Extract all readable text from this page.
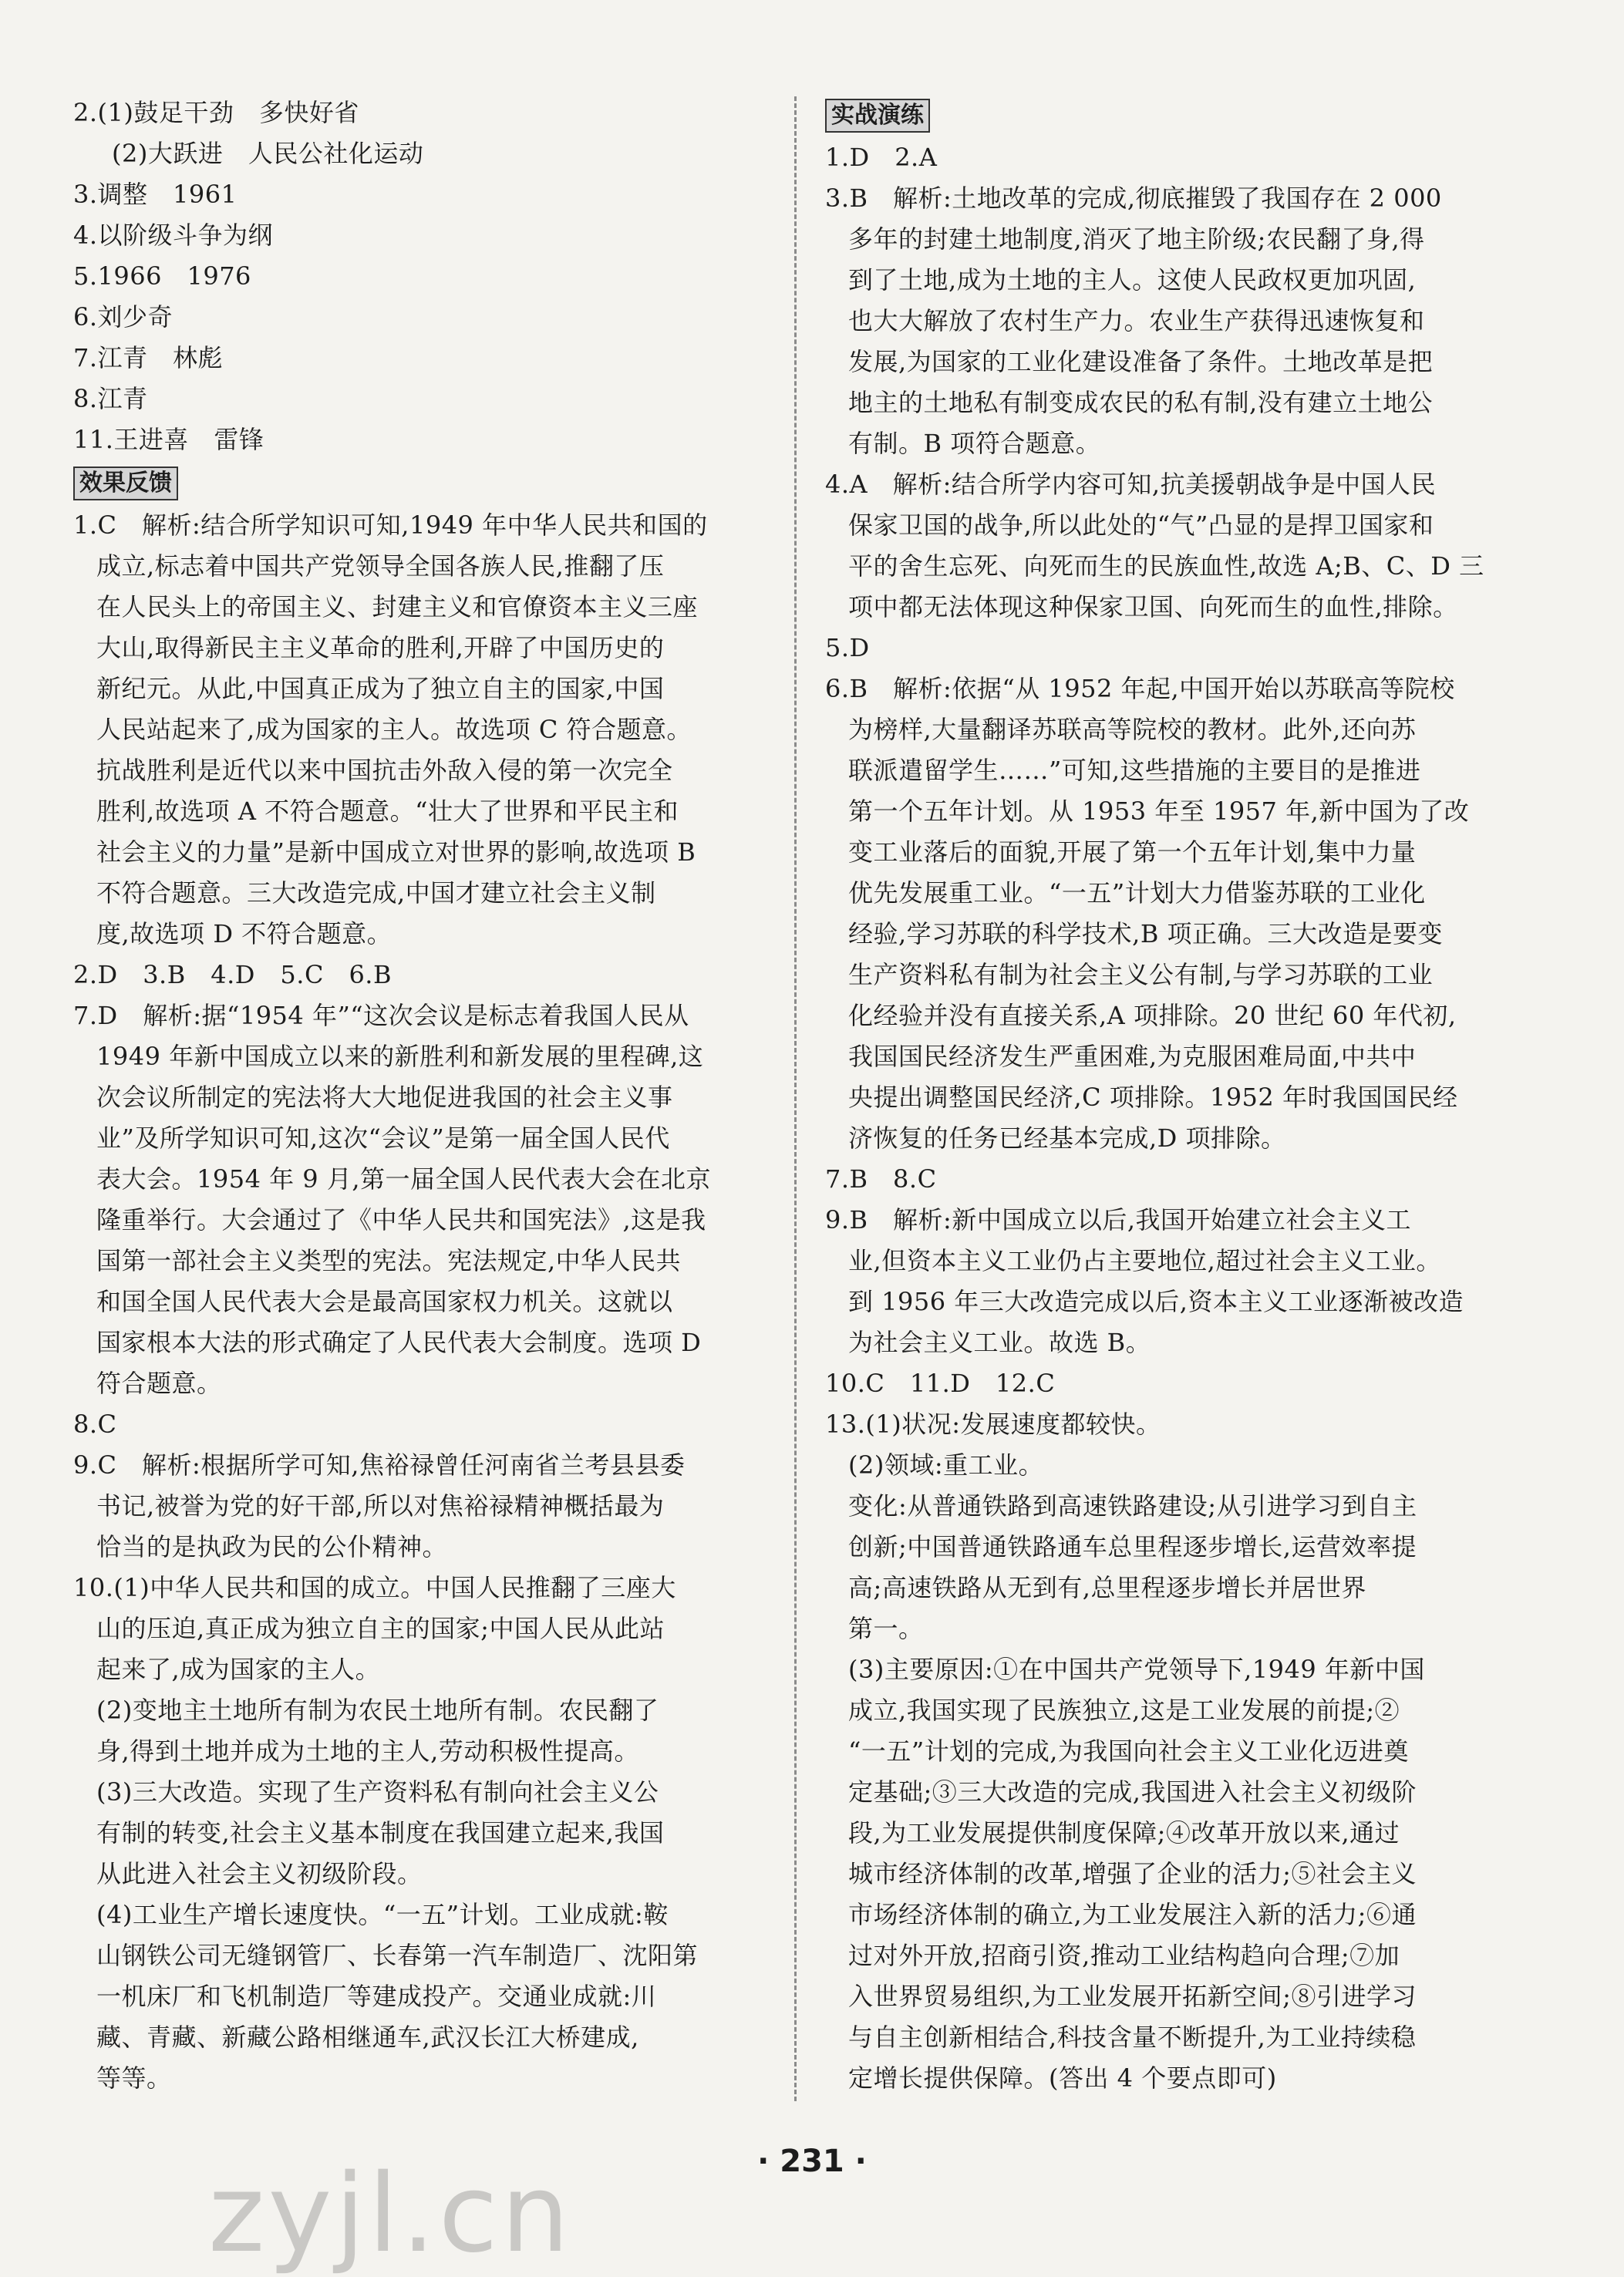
2.(1)鼓足干劲　多快好省
(2)大跃进　人民公社化运动
3.调整　1961
4.以阶级斗争为纲
5.1966　1976
6.刘少奇
7.江青　林彪
8.江青
11.王进喜　雷锋
效果反馈
1.C　解析:结合所学知识可知,1949 年中华人民共和国的
成立,标志着中国共产党领导全国各族人民,推翻了压
在人民头上的帝国主义、封建主义和官僚资本主义三座
大山,取得新民主主义革命的胜利,开辟了中国历史的
新纪元。从此,中国真正成为了独立自主的国家,中国
人民站起来了,成为国家的主人。故选项 C 符合题意。
抗战胜利是近代以来中国抗击外敌入侵的第一次完全
胜利,故选项 A 不符合题意。“壮大了世界和平民主和
社会主义的力量”是新中国成立对世界的影响,故选项 B
不符合题意。三大改造完成,中国才建立社会主义制
度,故选项 D 不符合题意。
2.D　3.B　4.D　5.C　6.B
7.D　解析:据“1954 年”“这次会议是标志着我国人民从
1949 年新中国成立以来的新胜利和新发展的里程碑,这
次会议所制定的宪法将大大地促进我国的社会主义事
业”及所学知识可知,这次“会议”是第一届全国人民代
表大会。1954 年 9 月,第一届全国人民代表大会在北京
隆重举行。大会通过了《中华人民共和国宪法》,这是我
国第一部社会主义类型的宪法。宪法规定,中华人民共
和国全国人民代表大会是最高国家权力机关。这就以
国家根本大法的形式确定了人民代表大会制度。选项 D
符合题意。
8.C
9.C　解析:根据所学可知,焦裕禄曾任河南省兰考县县委
书记,被誉为党的好干部,所以对焦裕禄精神概括最为
恰当的是执政为民的公仆精神。
10.(1)中华人民共和国的成立。中国人民推翻了三座大
山的压迫,真正成为独立自主的国家;中国人民从此站
起来了,成为国家的主人。
(2)变地主土地所有制为农民土地所有制。农民翻了
身,得到土地并成为土地的主人,劳动积极性提高。
(3)三大改造。实现了生产资料私有制向社会主义公
有制的转变,社会主义基本制度在我国建立起来,我国
从此进入社会主义初级阶段。
(4)工业生产增长速度快。“一五”计划。工业成就:鞍
山钢铁公司无缝钢管厂、长春第一汽车制造厂、沈阳第
一机床厂和飞机制造厂等建成投产。交通业成就:川
藏、青藏、新藏公路相继通车,武汉长江大桥建成,
等等。
实战演练
1.D　2.A
3.B　解析:土地改革的完成,彻底摧毁了我国存在 2 000
多年的封建土地制度,消灭了地主阶级;农民翻了身,得
到了土地,成为土地的主人。这使人民政权更加巩固,
也大大解放了农村生产力。农业生产获得迅速恢复和
发展,为国家的工业化建设准备了条件。土地改革是把
地主的土地私有制变成农民的私有制,没有建立土地公
有制。B 项符合题意。
4.A　解析:结合所学内容可知,抗美援朝战争是中国人民
保家卫国的战争,所以此处的“气”凸显的是捍卫国家和
平的舍生忘死、向死而生的民族血性,故选 A;B、C、D 三
项中都无法体现这种保家卫国、向死而生的血性,排除。
5.D
6.B　解析:依据“从 1952 年起,中国开始以苏联高等院校
为榜样,大量翻译苏联高等院校的教材。此外,还向苏
联派遣留学生……”可知,这些措施的主要目的是推进
第一个五年计划。从 1953 年至 1957 年,新中国为了改
变工业落后的面貌,开展了第一个五年计划,集中力量
优先发展重工业。“一五”计划大力借鉴苏联的工业化
经验,学习苏联的科学技术,B 项正确。三大改造是要变
生产资料私有制为社会主义公有制,与学习苏联的工业
化经验并没有直接关系,A 项排除。20 世纪 60 年代初,
我国国民经济发生严重困难,为克服困难局面,中共中
央提出调整国民经济,C 项排除。1952 年时我国国民经
济恢复的任务已经基本完成,D 项排除。
7.B　8.C
9.B　解析:新中国成立以后,我国开始建立社会主义工
业,但资本主义工业仍占主要地位,超过社会主义工业。
到 1956 年三大改造完成以后,资本主义工业逐渐被改造
为社会主义工业。故选 B。
10.C　11.D　12.C
13.(1)状况:发展速度都较快。
(2)领域:重工业。
变化:从普通铁路到高速铁路建设;从引进学习到自主
创新;中国普通铁路通车总里程逐步增长,运营效率提
高;高速铁路从无到有,总里程逐步增长并居世界
第一。
(3)主要原因:①在中国共产党领导下,1949 年新中国
成立,我国实现了民族独立,这是工业发展的前提;②
“一五”计划的完成,为我国向社会主义工业化迈进奠
定基础;③三大改造的完成,我国进入社会主义初级阶
段,为工业发展提供制度保障;④改革开放以来,通过
城市经济体制的改革,增强了企业的活力;⑤社会主义
市场经济体制的确立,为工业发展注入新的活力;⑥通
过对外开放,招商引资,推动工业结构趋向合理;⑦加
入世界贸易组织,为工业发展开拓新空间;⑧引进学习
与自主创新相结合,科技含量不断提升,为工业持续稳
定增长提供保障。(答出 4 个要点即可)
zyjl.cn	· 231 ·
